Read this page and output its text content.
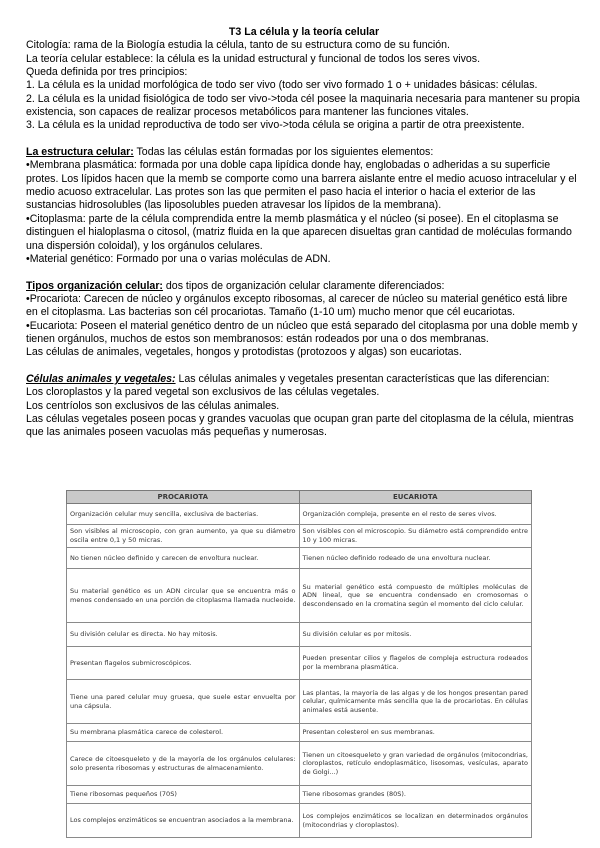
T3 La célula y la teoría celular

Citología: rama de la Biología estudia la célula, tanto de su estructura como de su función.

La teoría celular establece: la célula es la unidad estructural y funcional de todos los seres vivos.

Queda definida por tres principios:

1. La célula es la unidad morfológica de todo ser vivo (todo ser vivo formado 1 o + unidades básicas: células.

2. La célula es la unidad fisiológica de todo ser vivo->toda cél posee la maquinaria necesaria para mantener su propia existencia, son capaces de realizar procesos metabólicos para mantener las funciones vitales.

3. La célula es la unidad reproductiva de todo ser vivo->toda célula se origina a partir de otra preexistente.

La estructura celular: Todas las células están formadas por los siguientes elementos:

•Membrana plasmática: formada por una doble capa lipídica donde hay, englobadas o adheridas a su superficie protes. Los lípidos hacen que la memb se comporte como una barrera aislante entre el medio acuoso intracelular y el medio acuoso extracelular. Las protes son las que permiten el paso hacia el interior o hacia el exterior de las sustancias hidrosolubles (las liposolubles pueden atravesar los lípidos de la membrana).

•Citoplasma: parte de la célula comprendida entre la memb plasmática y el núcleo (si posee). En el citoplasma se distinguen el hialoplasma o citosol, (matriz fluida en la que aparecen disueltas gran cantidad de moléculas formando una dispersión coloidal), y los orgánulos celulares.

•Material genético: Formado por una o varias moléculas de ADN.

Tipos organización celular: dos tipos de organización celular claramente diferenciados:

•Procariota: Carecen de núcleo y orgánulos excepto ribosomas, al carecer de núcleo su material genético está libre en el citoplasma. Las bacterias son cél procariotas. Tamaño (1-10 um) mucho menor que cél eucariotas.

•Eucariota: Poseen el material genético dentro de un núcleo que está separado del citoplasma por una doble memb y tienen orgánulos, muchos de estos son membranosos: están rodeados por una o dos membranas.

Las células de animales, vegetales, hongos y protodistas (protozoos y algas) son eucariotas.

Células animales y vegetales: Las células animales y vegetales presentan características que las diferencian:

Los cloroplastos y la pared vegetal son exclusivos de las células vegetales.

Los centríolos son exclusivos de las células animales.

Las células vegetales poseen pocas y grandes vacuolas que ocupan gran parte del citoplasma de la célula, mientras que las animales poseen vacuolas más pequeñas y numerosas.

PROCARIOTA	EUCARIOTA
Organización celular muy sencilla, exclusiva de bacterias.	Organización compleja, presente en el resto de seres vivos.
Son visibles al microscopio, con gran aumento, ya que su diámetro oscila entre 0,1 y 50 micras.	Son visibles con el microscopio. Su diámetro está comprendido entre 10 y 100 micras.
No tienen núcleo definido y carecen de envoltura nuclear.	Tienen núcleo definido rodeado de una envoltura nuclear.
Su material genético es un ADN circular que se encuentra más o menos condensado en una porción de citoplasma llamada nucleoide.	Su material genético está compuesto de múltiples moléculas de ADN lineal, que se encuentra condensado en cromosomas o descondensado en la cromatina según el momento del ciclo celular.
Su división celular es directa. No hay mitosis.	Su división celular es por mitosis.
Presentan flagelos submicroscópicos.	Pueden presentar cilios y flagelos de compleja estructura rodeados por la membrana plasmática.
Tiene una pared celular muy gruesa, que suele estar envuelta por una cápsula.	Las plantas, la mayoría de las algas y de los hongos presentan pared celular, químicamente más sencilla que la de procariotas. En células animales está ausente.
Su membrana plasmática carece de colesterol.	Presentan colesterol en sus membranas.
Carece de citoesqueleto y de la mayoría de los orgánulos celulares: solo presenta ribosomas y estructuras de almacenamiento.	Tienen un citoesqueleto y gran variedad de orgánulos (mitocondrias, cloroplastos, retículo endoplasmático, lisosomas, vesículas, aparato de Golgi...)
Tiene ribosomas pequeños (70S)	Tiene ribosomas grandes (80S).
Los complejos enzimáticos se encuentran asociados a la membrana.	Los complejos enzimáticos se localizan en determinados orgánulos (mitocondrias y cloroplastos).
